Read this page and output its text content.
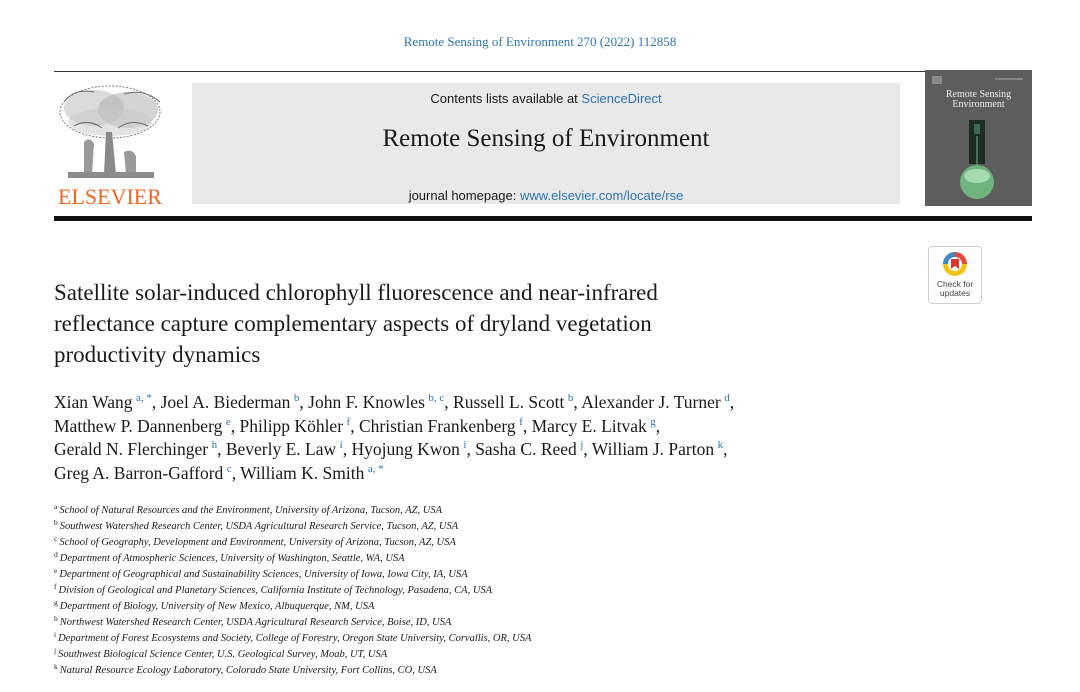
Remote Sensing of Environment 270 (2022) 112858
ELSEVIER
Contents lists available at ScienceDirect
Remote Sensing of Environment
journal homepage: www.elsevier.com/locate/rse
Remote Sensing
Environment
Check for
updates
Satellite solar-induced chlorophyll fluorescence and near-infrared
reflectance capture complementary aspects of dryland vegetation
productivity dynamics
Xian Wang  $^{a, *}$, Joel A. Biederman  $^b$, John F. Knowles  $^{b, c}$, Russell L. Scott  $^b$, Alexander J. Turner  $^d$,
Matthew P. Dannenberg  $^e$, Philipp Köhler  $^f$, Christian Frankenberg  $^f$, Marcy E. Litvak  $^g$,
Gerald N. Flerchinger  $^h$, Beverly E. Law  $^i$, Hyojung Kwon  $^i$, Sasha C. Reed  $^j$, William J. Parton  $^k$,
Greg A. Barron-Gafford  $^c$, William K. Smith  $^{a, *}$
$^a$ School of Natural Resources and the Environment, University of Arizona, Tucson, AZ, USA
$^b$ Southwest Watershed Research Center, USDA Agricultural Research Service, Tucson, AZ, USA
$^c$ School of Geography, Development and Environment, University of Arizona, Tucson, AZ, USA
$^d$ Department of Atmospheric Sciences, University of Washington, Seattle, WA, USA
$^e$ Department of Geographical and Sustainability Sciences, University of Iowa, Iowa City, IA, USA
$^f$ Division of Geological and Planetary Sciences, California Institute of Technology, Pasadena, CA, USA
$^g$ Department of Biology, University of New Mexico, Albuquerque, NM, USA
$^h$ Northwest Watershed Research Center, USDA Agricultural Research Service, Boise, ID, USA
$^i$ Department of Forest Ecosystems and Society, College of Forestry, Oregon State University, Corvallis, OR, USA
$^j$ Southwest Biological Science Center, U.S. Geological Survey, Moab, UT, USA
$^k$ Natural Resource Ecology Laboratory, Colorado State University, Fort Collins, CO, USA
